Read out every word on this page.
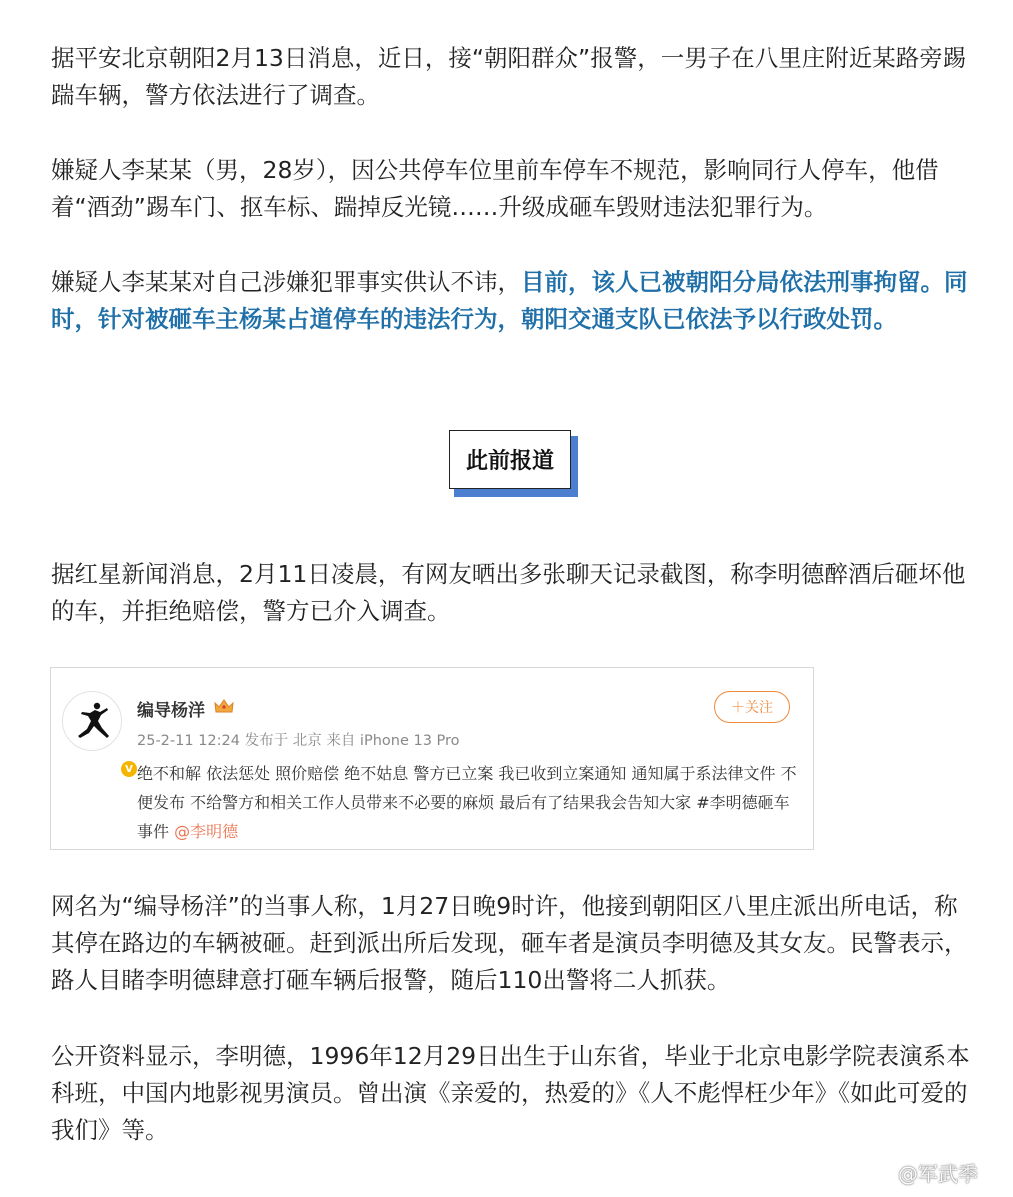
据平安北京朝阳2月13日消息，近日，接“朝阳群众”报警，一男子在八里庄附近某路旁踢踹车辆，警方依法进行了调查。

嫌疑人李某某（男，28岁），因公共停车位里前车停车不规范，影响同行人停车，他借着“酒劲”踢车门、抠车标、踹掉反光镜……升级成砸车毁财违法犯罪行为。

嫌疑人李某某对自己涉嫌犯罪事实供认不讳，目前，该人已被朝阳分局依法刑事拘留。同时，针对被砸车主杨某占道停车的违法行为，朝阳交通支队已依法予以行政处罚。

此前报道

据红星新闻消息，2月11日凌晨，有网友晒出多张聊天记录截图，称李明德醉酒后砸坏他的车，并拒绝赔偿，警方已介入调查。

V
编导杨洋
25-2-11 12:24 发布于 北京 来自 iPhone 13 Pro
＋关注
绝不和解 依法惩处 照价赔偿 绝不姑息 警方已立案 我已收到立案通知 通知属于系法律文件 不便发布 不给警方和相关工作人员带来不必要的麻烦 最后有了结果我会告知大家 #李明德砸车事件 @李明德

网名为“编导杨洋”的当事人称，1月27日晚9时许，他接到朝阳区八里庄派出所电话，称其停在路边的车辆被砸。赶到派出所后发现，砸车者是演员李明德及其女友。民警表示，路人目睹李明德肆意打砸车辆后报警，随后110出警将二人抓获。

公开资料显示，李明德，1996年12月29日出生于山东省，毕业于北京电影学院表演系本科班，中国内地影视男演员。曾出演《亲爱的，热爱的》《人不彪悍枉少年》《如此可爱的我们》等。

@军武季
